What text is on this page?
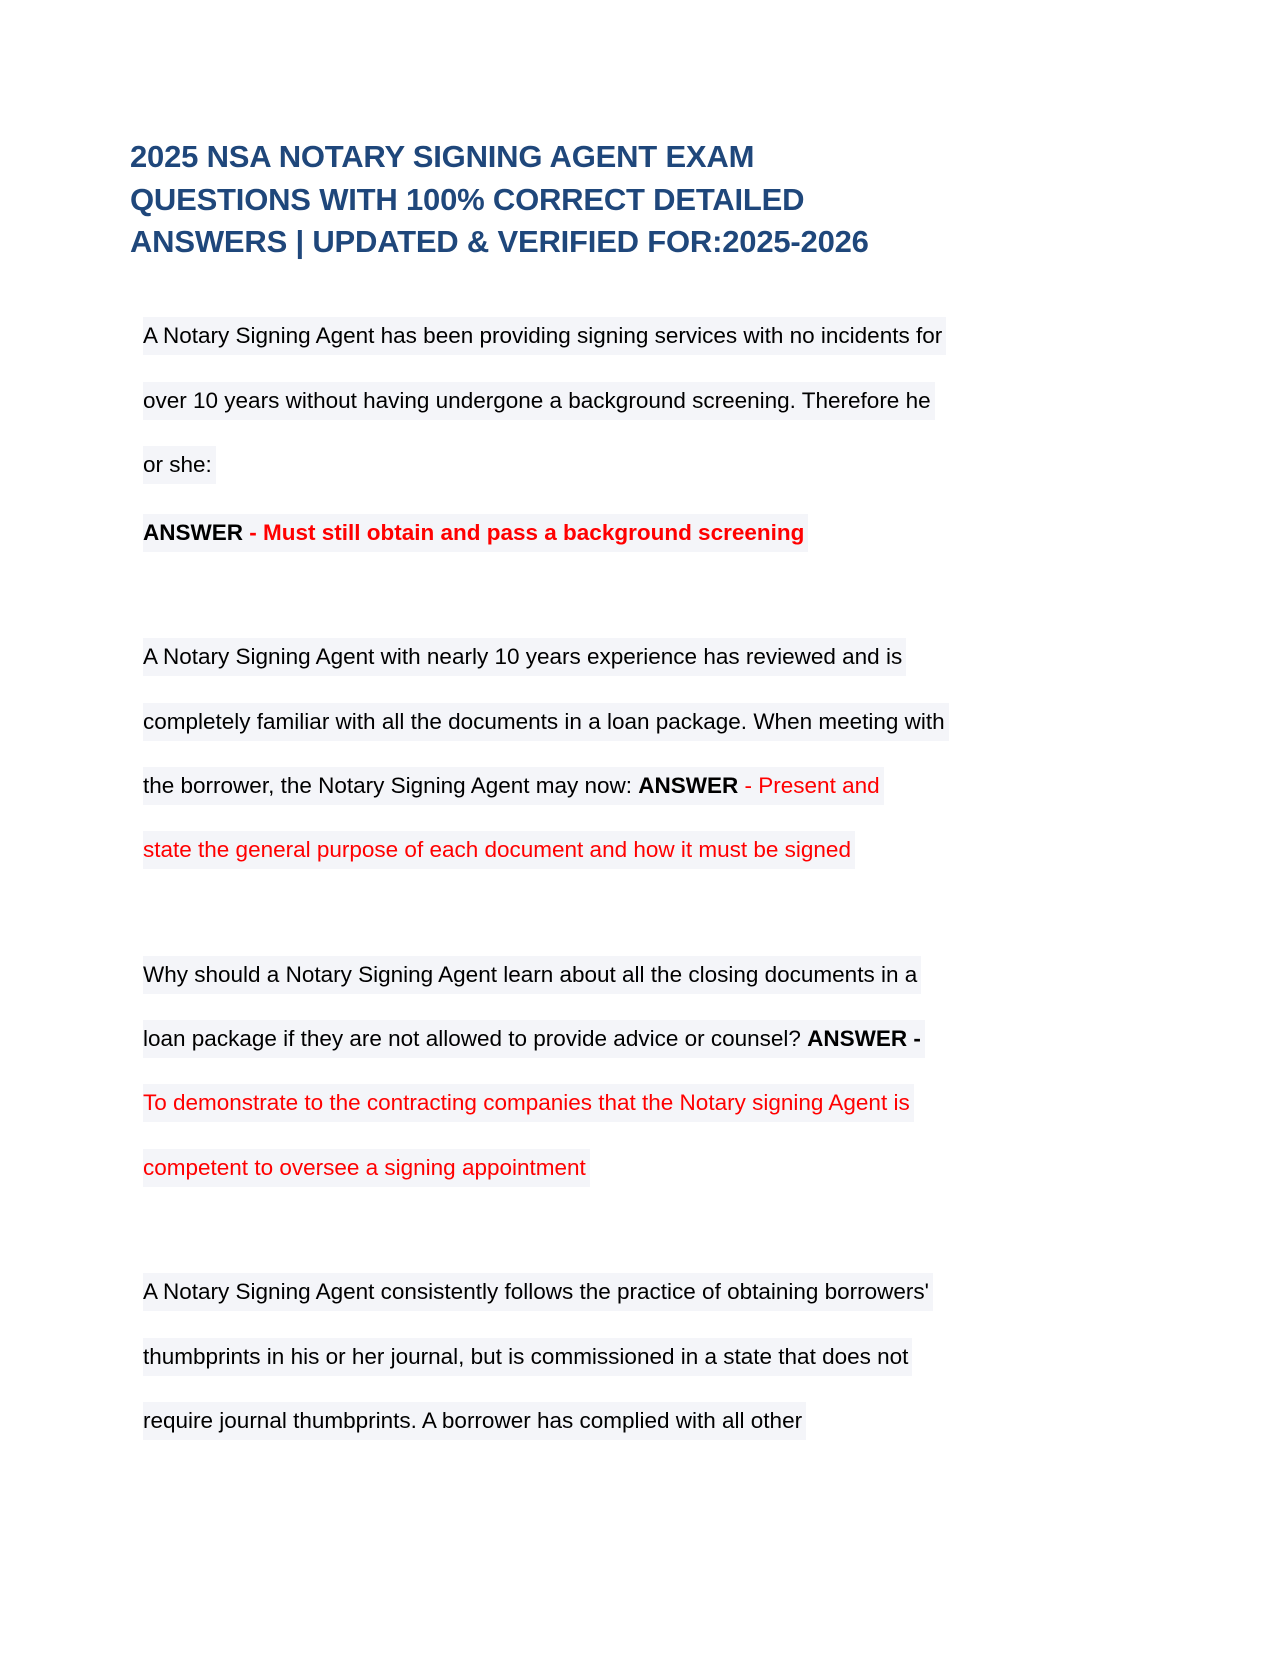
2025 NSA NOTARY SIGNING AGENT EXAM
QUESTIONS WITH 100% CORRECT DETAILED
ANSWERS | UPDATED & VERIFIED FOR:2025-2026
A Notary Signing Agent has been providing signing services with no incidents for
over 10 years without having undergone a background screening. Therefore he
or she:
ANSWER - Must still obtain and pass a background screening
A Notary Signing Agent with nearly 10 years experience has reviewed and is
completely familiar with all the documents in a loan package. When meeting with
the borrower, the Notary Signing Agent may now: ANSWER - Present and
state the general purpose of each document and how it must be signed
Why should a Notary Signing Agent learn about all the closing documents in a
loan package if they are not allowed to provide advice or counsel? ANSWER -
To demonstrate to the contracting companies that the Notary signing Agent is
competent to oversee a signing appointment
A Notary Signing Agent consistently follows the practice of obtaining borrowers'
thumbprints in his or her journal, but is commissioned in a state that does not
require journal thumbprints. A borrower has complied with all other
